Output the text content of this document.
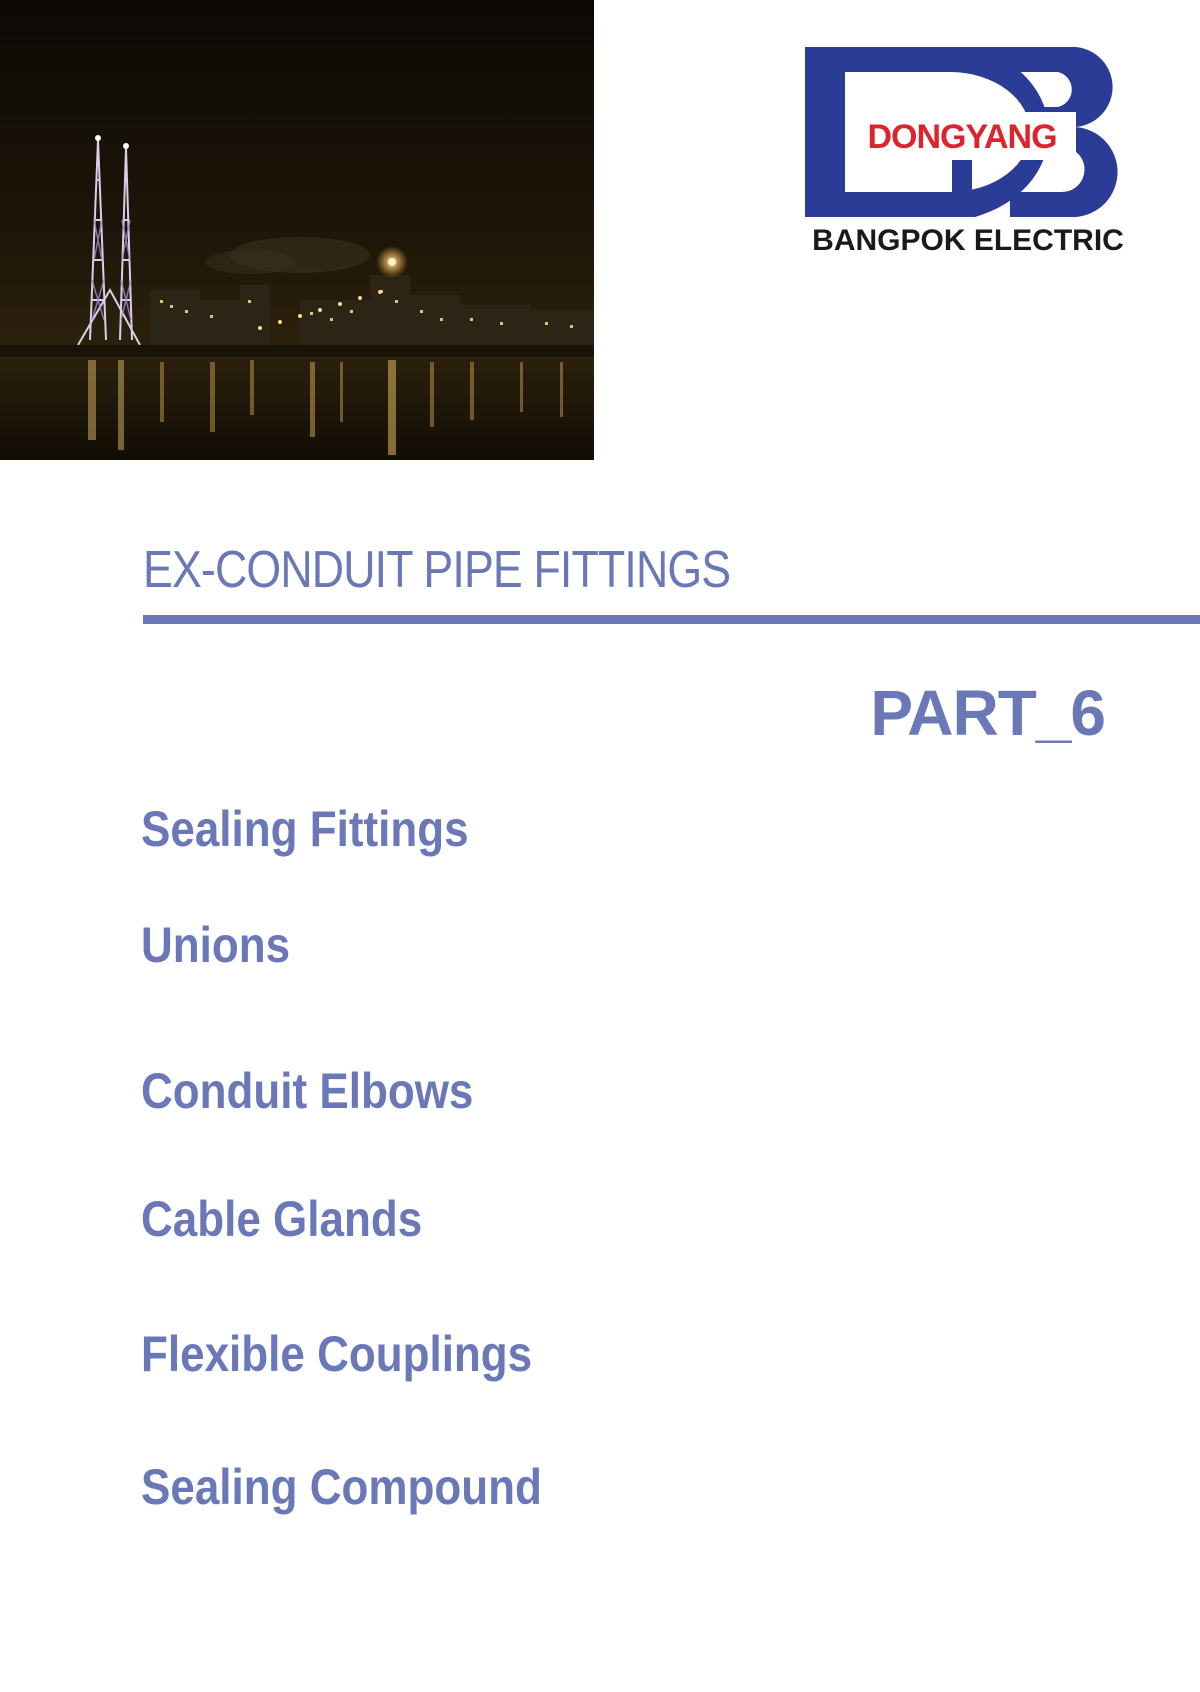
DONGYANG
BANGPOK ELECTRIC
EX-CONDUIT PIPE FITTINGS
PART_6
Sealing Fittings
Unions
Conduit Elbows
Cable Glands
Flexible Couplings
Sealing Compound
